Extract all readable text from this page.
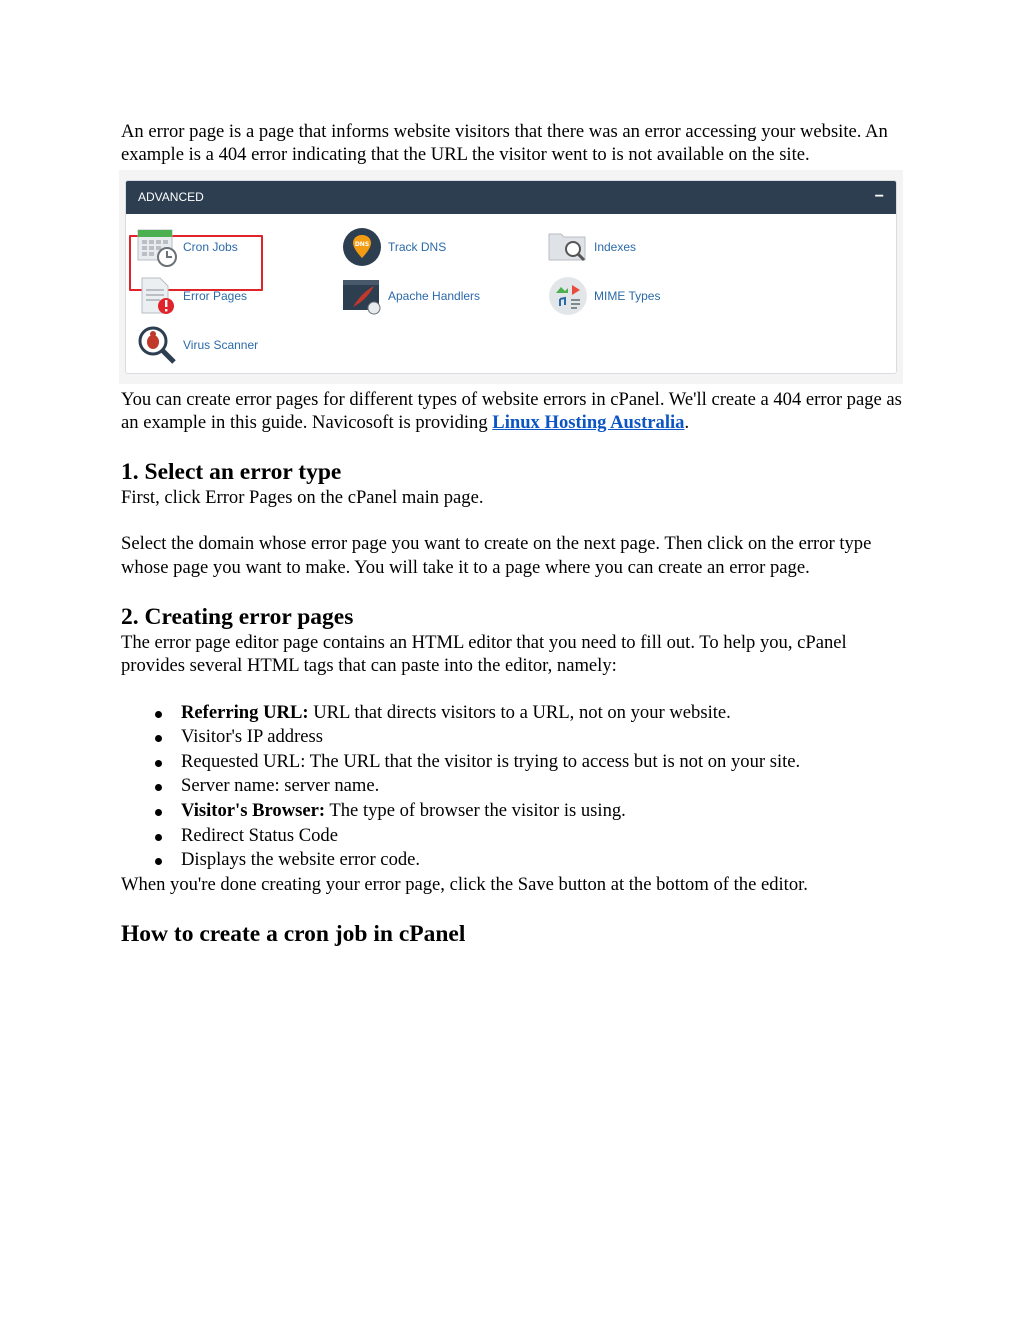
An error page is a page that informs website visitors that there was an error accessing your website. An example is a 404 error indicating that the URL the visitor went to is not available on the site.

ADVANCED	−
Cron Jobs	DNS Track DNS	Indexes
Error Pages	Apache Handlers	MIME Types
Virus Scanner

You can create error pages for different types of website errors in cPanel. We'll create a 404 error page as an example in this guide. Navicosoft is providing Linux Hosting Australia.

1. Select an error type

First, click Error Pages on the cPanel main page.

Select the domain whose error page you want to create on the next page. Then click on the error type whose page you want to make. You will take it to a page where you can create an error page.

2. Creating error pages

The error page editor page contains an HTML editor that you need to fill out. To help you, cPanel provides several HTML tags that can paste into the editor, namely:

Referring URL: URL that directs visitors to a URL, not on your website.
Visitor's IP address
Requested URL: The URL that the visitor is trying to access but is not on your site.
Server name: server name.
Visitor's Browser: The type of browser the visitor is using.
Redirect Status Code
Displays the website error code.

When you're done creating your error page, click the Save button at the bottom of the editor.

How to create a cron job in cPanel
